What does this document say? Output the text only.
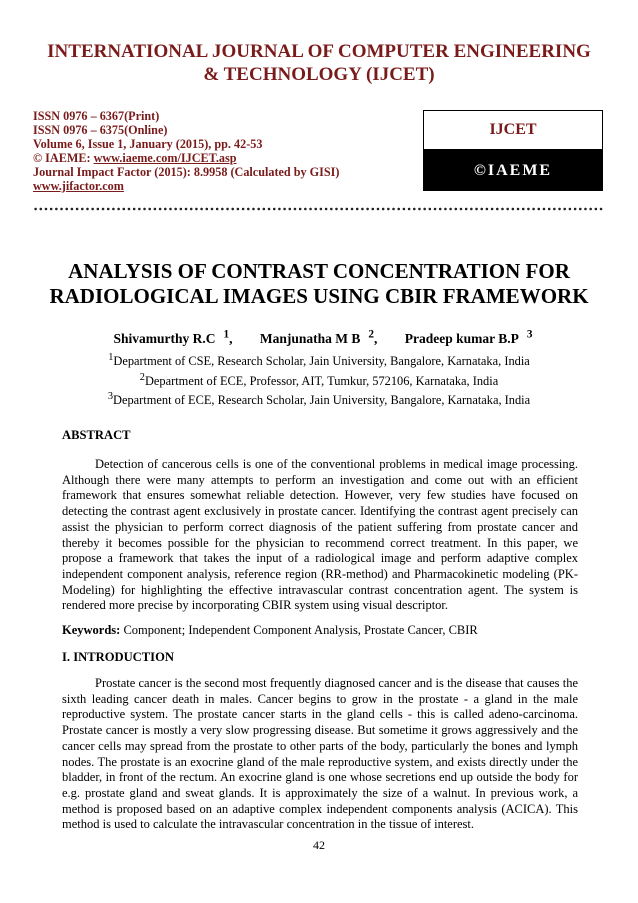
INTERNATIONAL JOURNAL OF COMPUTER ENGINEERING & TECHNOLOGY (IJCET)
ISSN 0976 – 6367(Print)
ISSN 0976 – 6375(Online)
Volume 6, Issue 1, January (2015), pp. 42-53
© IAEME: www.iaeme.com/IJCET.asp
Journal Impact Factor (2015): 8.9958 (Calculated by GISI)
www.jifactor.com
IJCET
©IAEME
ANALYSIS OF CONTRAST CONCENTRATION FOR RADIOLOGICAL IMAGES USING CBIR FRAMEWORK
Shivamurthy R.C $^1$, Manjunatha M B $^2$, Pradeep kumar B.P $^3$
$^1$Department of CSE, Research Scholar, Jain University, Bangalore, Karnataka, India
$^2$Department of ECE, Professor, AIT, Tumkur, 572106, Karnataka, India
$^3$Department of ECE, Research Scholar, Jain University, Bangalore, Karnataka, India
ABSTRACT
Detection of cancerous cells is one of the conventional problems in medical image processing. Although there were many attempts to perform an investigation and come out with an efficient framework that ensures somewhat reliable detection. However, very few studies have focused on detecting the contrast agent exclusively in prostate cancer. Identifying the contrast agent precisely can assist the physician to perform correct diagnosis of the patient suffering from prostate cancer and thereby it becomes possible for the physician to recommend correct treatment. In this paper, we propose a framework that takes the input of a radiological image and perform adaptive complex independent component analysis, reference region (RR-method) and Pharmacokinetic modeling (PK-Modeling) for highlighting the effective intravascular contrast concentration agent. The system is rendered more precise by incorporating CBIR system using visual descriptor.
Keywords: Component; Independent Component Analysis, Prostate Cancer, CBIR
I. INTRODUCTION
Prostate cancer is the second most frequently diagnosed cancer and is the disease that causes the sixth leading cancer death in males. Cancer begins to grow in the prostate - a gland in the male reproductive system. The prostate cancer starts in the gland cells - this is called adeno-carcinoma. Prostate cancer is mostly a very slow progressing disease. But sometime it grows aggressively and the cancer cells may spread from the prostate to other parts of the body, particularly the bones and lymph nodes. The prostate is an exocrine gland of the male reproductive system, and exists directly under the bladder, in front of the rectum. An exocrine gland is one whose secretions end up outside the body for e.g. prostate gland and sweat glands. It is approximately the size of a walnut. In previous work, a method is proposed based on an adaptive complex independent components analysis (ACICA). This method is used to calculate the intravascular concentration in the tissue of interest.
42
